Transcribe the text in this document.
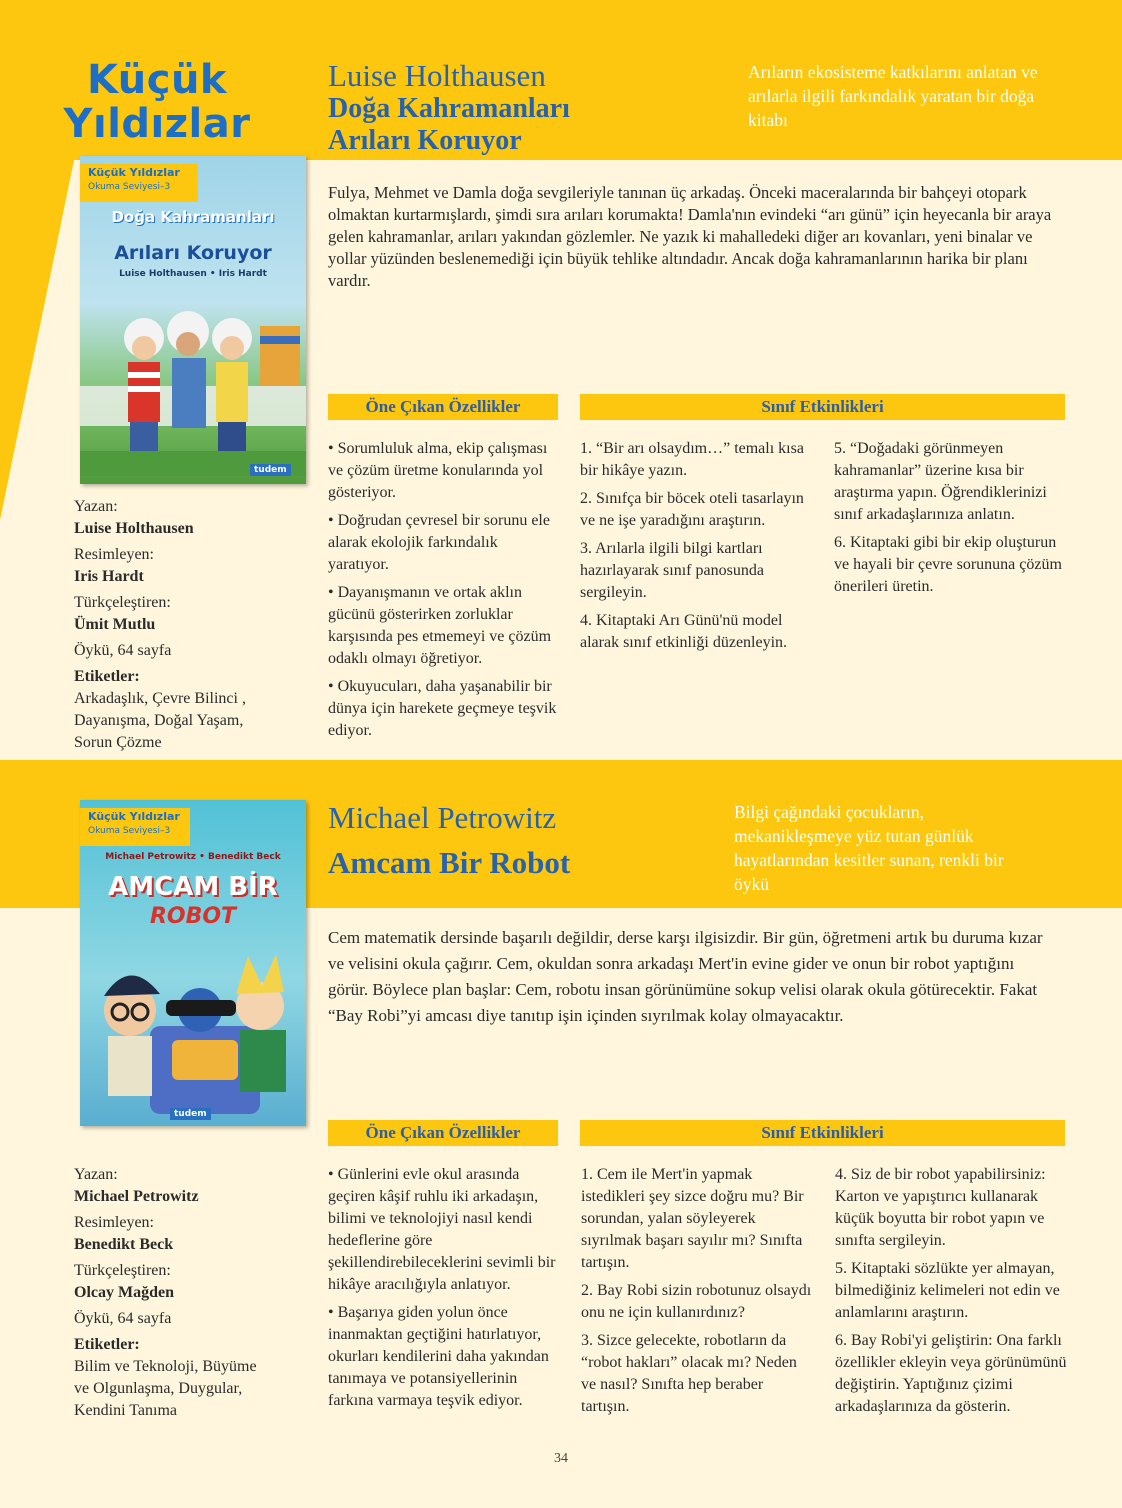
Küçük
Yıldızlar
Luise Holthausen
Doğa Kahramanları
Arıları Koruyor
Arıların ekosisteme katkılarını anlatan ve arılarla ilgili farkındalık yaratan bir doğa kitabı
Küçük Yıldızlar
Okuma Seviyesi–3
Doğa Kahramanları
Arıları Koruyor
Luise Holthausen • Iris Hardt
tudem
Fulya, Mehmet ve Damla doğa sevgileriyle tanınan üç arkadaş. Önceki maceralarında bir bahçeyi otopark olmaktan kurtarmışlardı, şimdi sıra arıları korumakta! Damla'nın evindeki “arı günü” için heyecanla bir araya gelen kahramanlar, arıları yakından gözlemler. Ne yazık ki mahalledeki diğer arı kovanları, yeni binalar ve yollar yüzünden beslenemediği için büyük tehlike altındadır. Ancak doğa kahramanlarının harika bir planı vardır.
Öne Çıkan Özellikler	Sınıf Etkinlikleri
Yazan:
Luise Holthausen
Resimleyen:
Iris Hardt
Türkçeleştiren:
Ümit Mutlu
Öykü, 64 sayfa
Etiketler:
Arkadaşlık, Çevre Bilinci , Dayanışma, Doğal Yaşam, Sorun Çözme

• Sorumluluk alma, ekip çalışması ve çözüm üretme konularında yol gösteriyor.

• Doğrudan çevresel bir sorunu ele alarak ekolojik farkındalık yaratıyor.

• Dayanışmanın ve ortak aklın gücünü gösterirken zorluklar karşısında pes etmemeyi ve çözüm odaklı olmayı öğretiyor.

• Okuyucuları, daha yaşanabilir bir dünya için harekete geçmeye teşvik ediyor.

1. “Bir arı olsaydım…” temalı kısa bir hikâye yazın.

2. Sınıfça bir böcek oteli tasarlayın ve ne işe yaradığını araştırın.

3. Arılarla ilgili bilgi kartları hazırlayarak sınıf panosunda sergileyin.

4. Kitaptaki Arı Günü'nü model alarak sınıf etkinliği düzenleyin.

5. “Doğadaki görünmeyen kahramanlar” üzerine kısa bir araştırma yapın. Öğrendiklerinizi sınıf arkadaşlarınıza anlatın.

6. Kitaptaki gibi bir ekip oluşturun ve hayali bir çevre sorununa çözüm önerileri üretin.

Michael Petrowitz
Amcam Bir Robot
Bilgi çağındaki çocukların, mekanikleşmeye yüz tutan günlük hayatlarından kesitler sunan, renkli bir öykü
Küçük Yıldızlar
Okuma Seviyesi–3
Michael Petrowitz • Benedikt Beck
AMCAM BİR
ROBOT
tudem
Cem matematik dersinde başarılı değildir, derse karşı ilgisizdir. Bir gün, öğretmeni artık bu duruma kızar ve velisini okula çağırır. Cem, okuldan sonra arkadaşı Mert'in evine gider ve onun bir robot yaptığını görür. Böylece plan başlar: Cem, robotu insan görünümüne sokup velisi olarak okula götürecektir. Fakat “Bay Robi”yi amcası diye tanıtıp işin içinden sıyrılmak kolay olmayacaktır.
Öne Çıkan Özellikler	Sınıf Etkinlikleri
Yazan:
Michael Petrowitz
Resimleyen:
Benedikt Beck
Türkçeleştiren:
Olcay Mağden
Öykü, 64 sayfa
Etiketler:
Bilim ve Teknoloji, Büyüme ve Olgunlaşma, Duygular, Kendini Tanıma

• Günlerini evle okul arasında geçiren kâşif ruhlu iki arkadaşın, bilimi ve teknolojiyi nasıl kendi hedeflerine göre şekillendirebileceklerini sevimli bir hikâye aracılığıyla anlatıyor.

• Başarıya giden yolun önce inanmaktan geçtiğini hatırlatıyor, okurları kendilerini daha yakından tanımaya ve potansiyellerinin farkına varmaya teşvik ediyor.

1. Cem ile Mert'in yapmak istedikleri şey sizce doğru mu? Bir sorundan, yalan söyleyerek sıyrılmak başarı sayılır mı? Sınıfta tartışın.

2. Bay Robi sizin robotunuz olsaydı onu ne için kullanırdınız?

3. Sizce gelecekte, robotların da “robot hakları” olacak mı? Neden ve nasıl? Sınıfta hep beraber tartışın.

4. Siz de bir robot yapabilirsiniz: Karton ve yapıştırıcı kullanarak küçük boyutta bir robot yapın ve sınıfta sergileyin.

5. Kitaptaki sözlükte yer almayan, bilmediğiniz kelimeleri not edin ve anlamlarını araştırın.

6. Bay Robi'yi geliştirin: Ona farklı özellikler ekleyin veya görünümünü değiştirin. Yaptığınız çizimi arkadaşlarınıza da gösterin.

34
